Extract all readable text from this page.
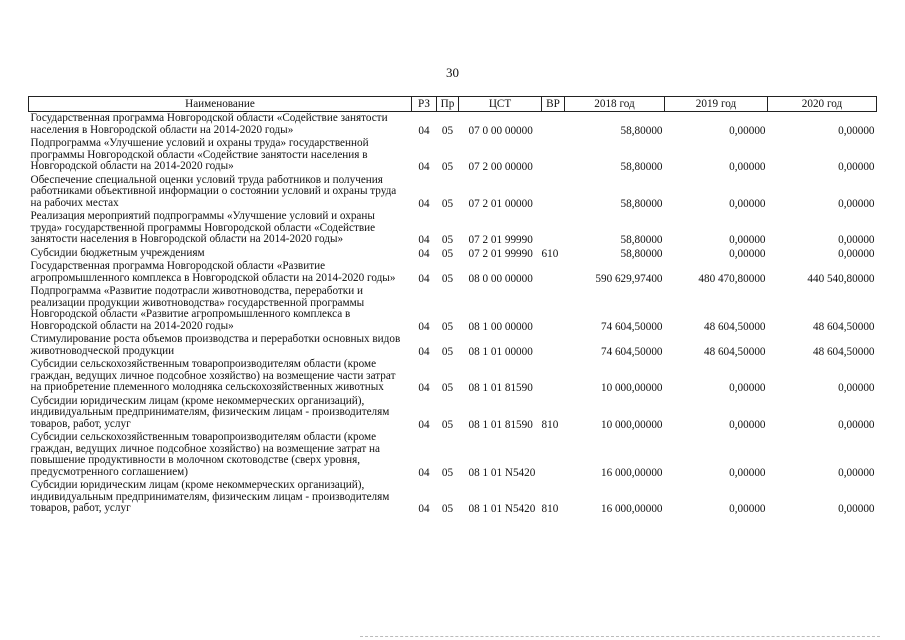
30
Наименование	РЗ	Пр	ЦСТ	ВР	2018 год	2019 год	2020 год
Государственная программа Новгородской области «Содействие занятости населения в Новгородской области на 2014-2020 годы»	04	05	07 0 00 00000		58,80000	0,00000	0,00000
Подпрограмма «Улучшение условий и охраны труда» государственной программы Новгородской области «Содействие занятости населения в Новгородской области на 2014-2020 годы»	04	05	07 2 00 00000		58,80000	0,00000	0,00000
Обеспечение специальной оценки условий труда работников и получения работниками объективной информации о состоянии условий и охраны труда на рабочих местах	04	05	07 2 01 00000		58,80000	0,00000	0,00000
Реализация мероприятий подпрограммы «Улучшение условий и охраны труда» государственной программы Новгородской области «Содействие занятости населения в Новгородской области на 2014-2020 годы»	04	05	07 2 01 99990		58,80000	0,00000	0,00000
Субсидии бюджетным учреждениям	04	05	07 2 01 99990	610	58,80000	0,00000	0,00000
Государственная программа Новгородской области «Развитие агропромышленного комплекса в Новгородской области на 2014-2020 годы»	04	05	08 0 00 00000		590 629,97400	480 470,80000	440 540,80000
Подпрограмма «Развитие подотрасли животноводства, переработки и реализации продукции животноводства» государственной программы Новгородской области «Развитие агропромышленного комплекса в Новгородской области на 2014-2020 годы»	04	05	08 1 00 00000		74 604,50000	48 604,50000	48 604,50000
Стимулирование роста объемов производства и переработки основных видов животноводческой продукции	04	05	08 1 01 00000		74 604,50000	48 604,50000	48 604,50000
Субсидии сельскохозяйственным товаропроизводителям области (кроме граждан, ведущих личное подсобное хозяйство) на возмещение части затрат на приобретение племенного молодняка сельскохозяйственных животных	04	05	08 1 01 81590		10 000,00000	0,00000	0,00000
Субсидии юридическим лицам (кроме некоммерческих организаций), индивидуальным предпринимателям, физическим лицам - производителям товаров, работ, услуг	04	05	08 1 01 81590	810	10 000,00000	0,00000	0,00000
Субсидии сельскохозяйственным товаропроизводителям области (кроме граждан, ведущих личное подсобное хозяйство) на возмещение затрат на повышение продуктивности в молочном скотоводстве (сверх уровня, предусмотренного соглашением)	04	05	08 1 01 N5420		16 000,00000	0,00000	0,00000
Субсидии юридическим лицам (кроме некоммерческих организаций), индивидуальным предпринимателям, физическим лицам - производителям товаров, работ, услуг	04	05	08 1 01 N5420	810	16 000,00000	0,00000	0,00000
